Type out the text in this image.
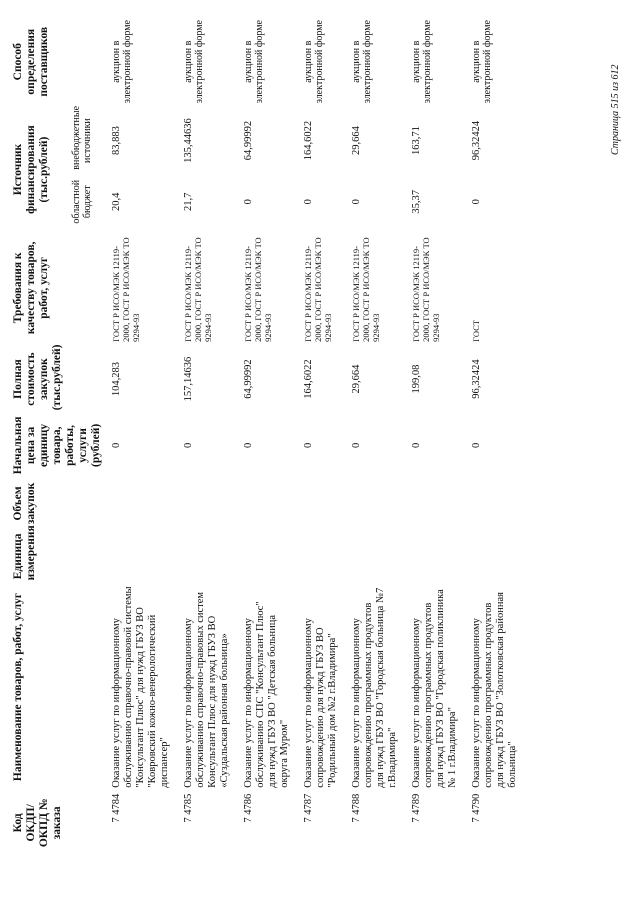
Код ОКДП/ ОКПД № заказа	Наименование товаров, работ, услуг	Единица измерения	Объем закупок	Начальная цена за единицу товара, работы, услуги (рублей)	Полная стоимость закупок (тыс.рублей)	Требования к качеству товаров, работ, услуг	Источник финансирования (тыс.рублей)		Способ определения поставщиков
							областной бюджет	внебюджетные источники	
7 4784	Оказание услуг по информационному обслуживанию справочно-правовой системы "Консультант Плюс" для нужд ГБУЗ ВО "Ковровский кожно-венерологический диспансер"			0	104,283	ГОСТ Р ИСО/МЭК 12119-2000, ГОСТ Р ИСО/МЭК ТО 9294-93	20,4	83,883	аукцион в электронной форме
7 4785	Оказание услуг по информационному обслуживанию справочно-правовых систем Консультант Плюс для нужд ГБУЗ ВО «Суздальская районная больница»			0	157,14636	ГОСТ Р ИСО/МЭК 12119-2000, ГОСТ Р ИСО/МЭК ТО 9294-93	21,7	135,44636	аукцион в электронной форме
7 4786	Оказание услуг по информационному обслуживанию СПС "Консультант Плюс" для нужд ГБУЗ ВО "Детская больница округа Муром"			0	64,99992	ГОСТ Р ИСО/МЭК 12119-2000, ГОСТ Р ИСО/МЭК ТО 9294-93	0	64,99992	аукцион в электронной форме
7 4787	Оказание услуг по информационному сопровождению для нужд ГБУЗ ВО "Родильный дом №2 г.Владимира"			0	164,6022	ГОСТ Р ИСО/МЭК 12119-2000, ГОСТ Р ИСО/МЭК ТО 9294-93	0	164,6022	аукцион в электронной форме
7 4788	Оказание услуг по информационному сопровождению программных продуктов для нужд ГБУЗ ВО "Городская больница №7 г.Владимира"			0	29,664	ГОСТ Р ИСО/МЭК 12119-2000, ГОСТ Р ИСО/МЭК ТО 9294-93	0	29,664	аукцион в электронной форме
7 4789	Оказание услуг по информационному сопровождению программных продуктов для нужд ГБУЗ ВО "Городская поликлиника № 1 г.Владимира"			0	199,08	ГОСТ Р ИСО/МЭК 12119-2000, ГОСТ Р ИСО/МЭК ТО 9294-93	35,37	163,71	аукцион в электронной форме
7 4790	Оказание услуг по информационному сопровождению программных продуктов для нужд ГБУЗ ВО "Золотковская районная больница"			0	96,32424	ГОСТ	0	96,32424	аукцион в электронной форме
Страница 515 из 612
